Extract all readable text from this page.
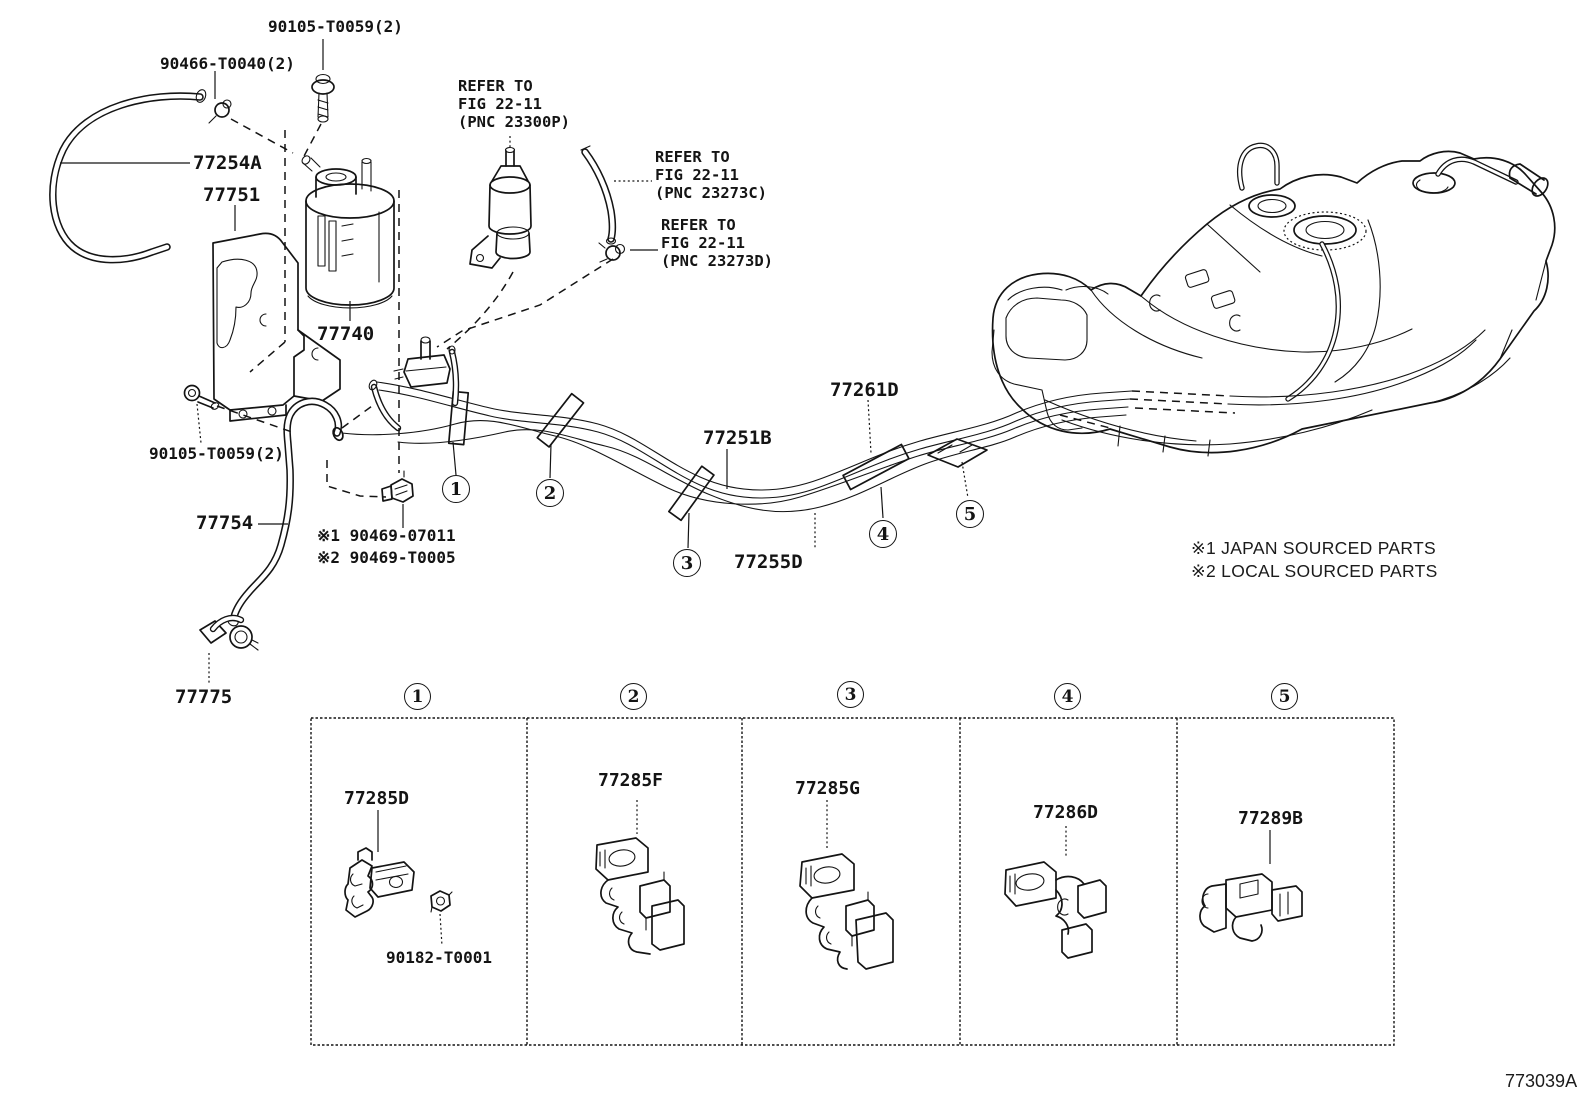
90105-T0059(2)
90466-T0040(2)
REFER TO
FIG 22-11
(PNC 23300P)
77254A
77751
77740
REFER TO
FIG 22-11
(PNC 23273C)
REFER TO
FIG 22-11
(PNC 23273D)
90105-T0059(2)
77754
※1 90469-07011
※2 90469-T0005
77775
77251B
77255D
77261D
※1 JAPAN SOURCED PARTS
※2 LOCAL SOURCED PARTS
773039A
77285D
90182-T0001
77285F	77285G
77286D	77289B
1	2
3
4
5
1	2	3	4	5
